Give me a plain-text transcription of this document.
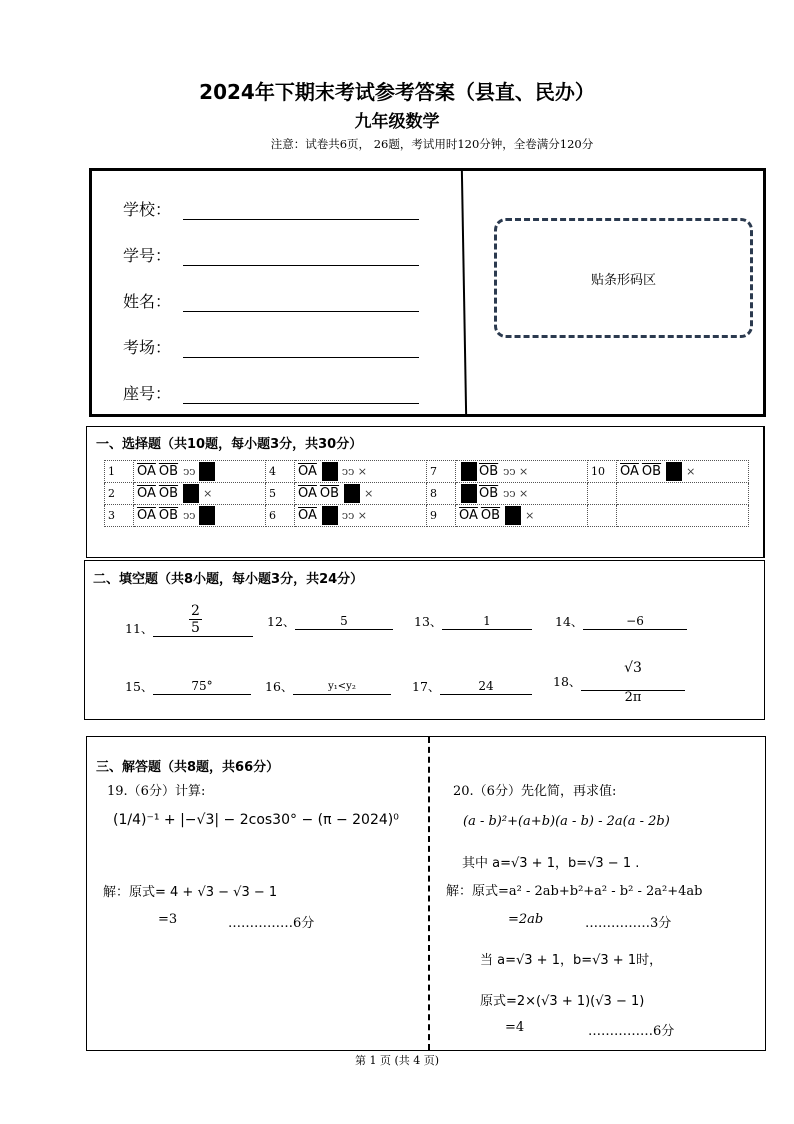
2024年下期末考试参考答案（县直、民办）
九年级数学
注意：试卷共6页， 26题，考试用时120分钟，全卷满分120分
学校：
学号：
姓名：
考场：
座号：
贴条形码区
一、选择题（共10题，每小题3分，共30分）
1	$\overline{OA}$ $\overline{OB}$ ↄↄ	4	$\overline{OA}$ ↄↄ ⨯	7	$\overline{OB}$ ↄↄ ⨯	10	$\overline{OA}$ $\overline{OB}$ ⨯
2	$\overline{OA}$ $\overline{OB}$ ⨯	5	$\overline{OA}$ $\overline{OB}$ ⨯	8	$\overline{OB}$ ↄↄ ⨯		
3	$\overline{OA}$ $\overline{OB}$ ↄↄ	6	$\overline{OA}$ ↄↄ ⨯	9	$\overline{OA}$ $\overline{OB}$ ⨯		
二、填空题（共8小题，每小题3分，共24分）
11、	$\frac{2}{5}$	12、	5	13、	1	14、	−6
15、	75°	16、	y₁<y₂	17、	24	18、
√3
2π
三、解答题（共8题，共66分）
19.（6分）计算:
(1/4)⁻¹ + |−√3| − 2cos30° − (π − 2024)⁰
解：原式= 4 + √3 − √3 − 1
=3	……………6分
20.（6分）先化简，再求值:
(a - b)²+(a+b)(a - b) - 2a(a - 2b)
其中 a=√3 + 1，b=√3 − 1 .
解：原式=a² - 2ab+b²+a² - b² - 2a²+4ab
=2ab	……………3分
当 a=√3 + 1，b=√3 + 1时，
原式=2×(√3 + 1)(√3 − 1)
=4	……………6分
第 1 页 (共 4 页)
